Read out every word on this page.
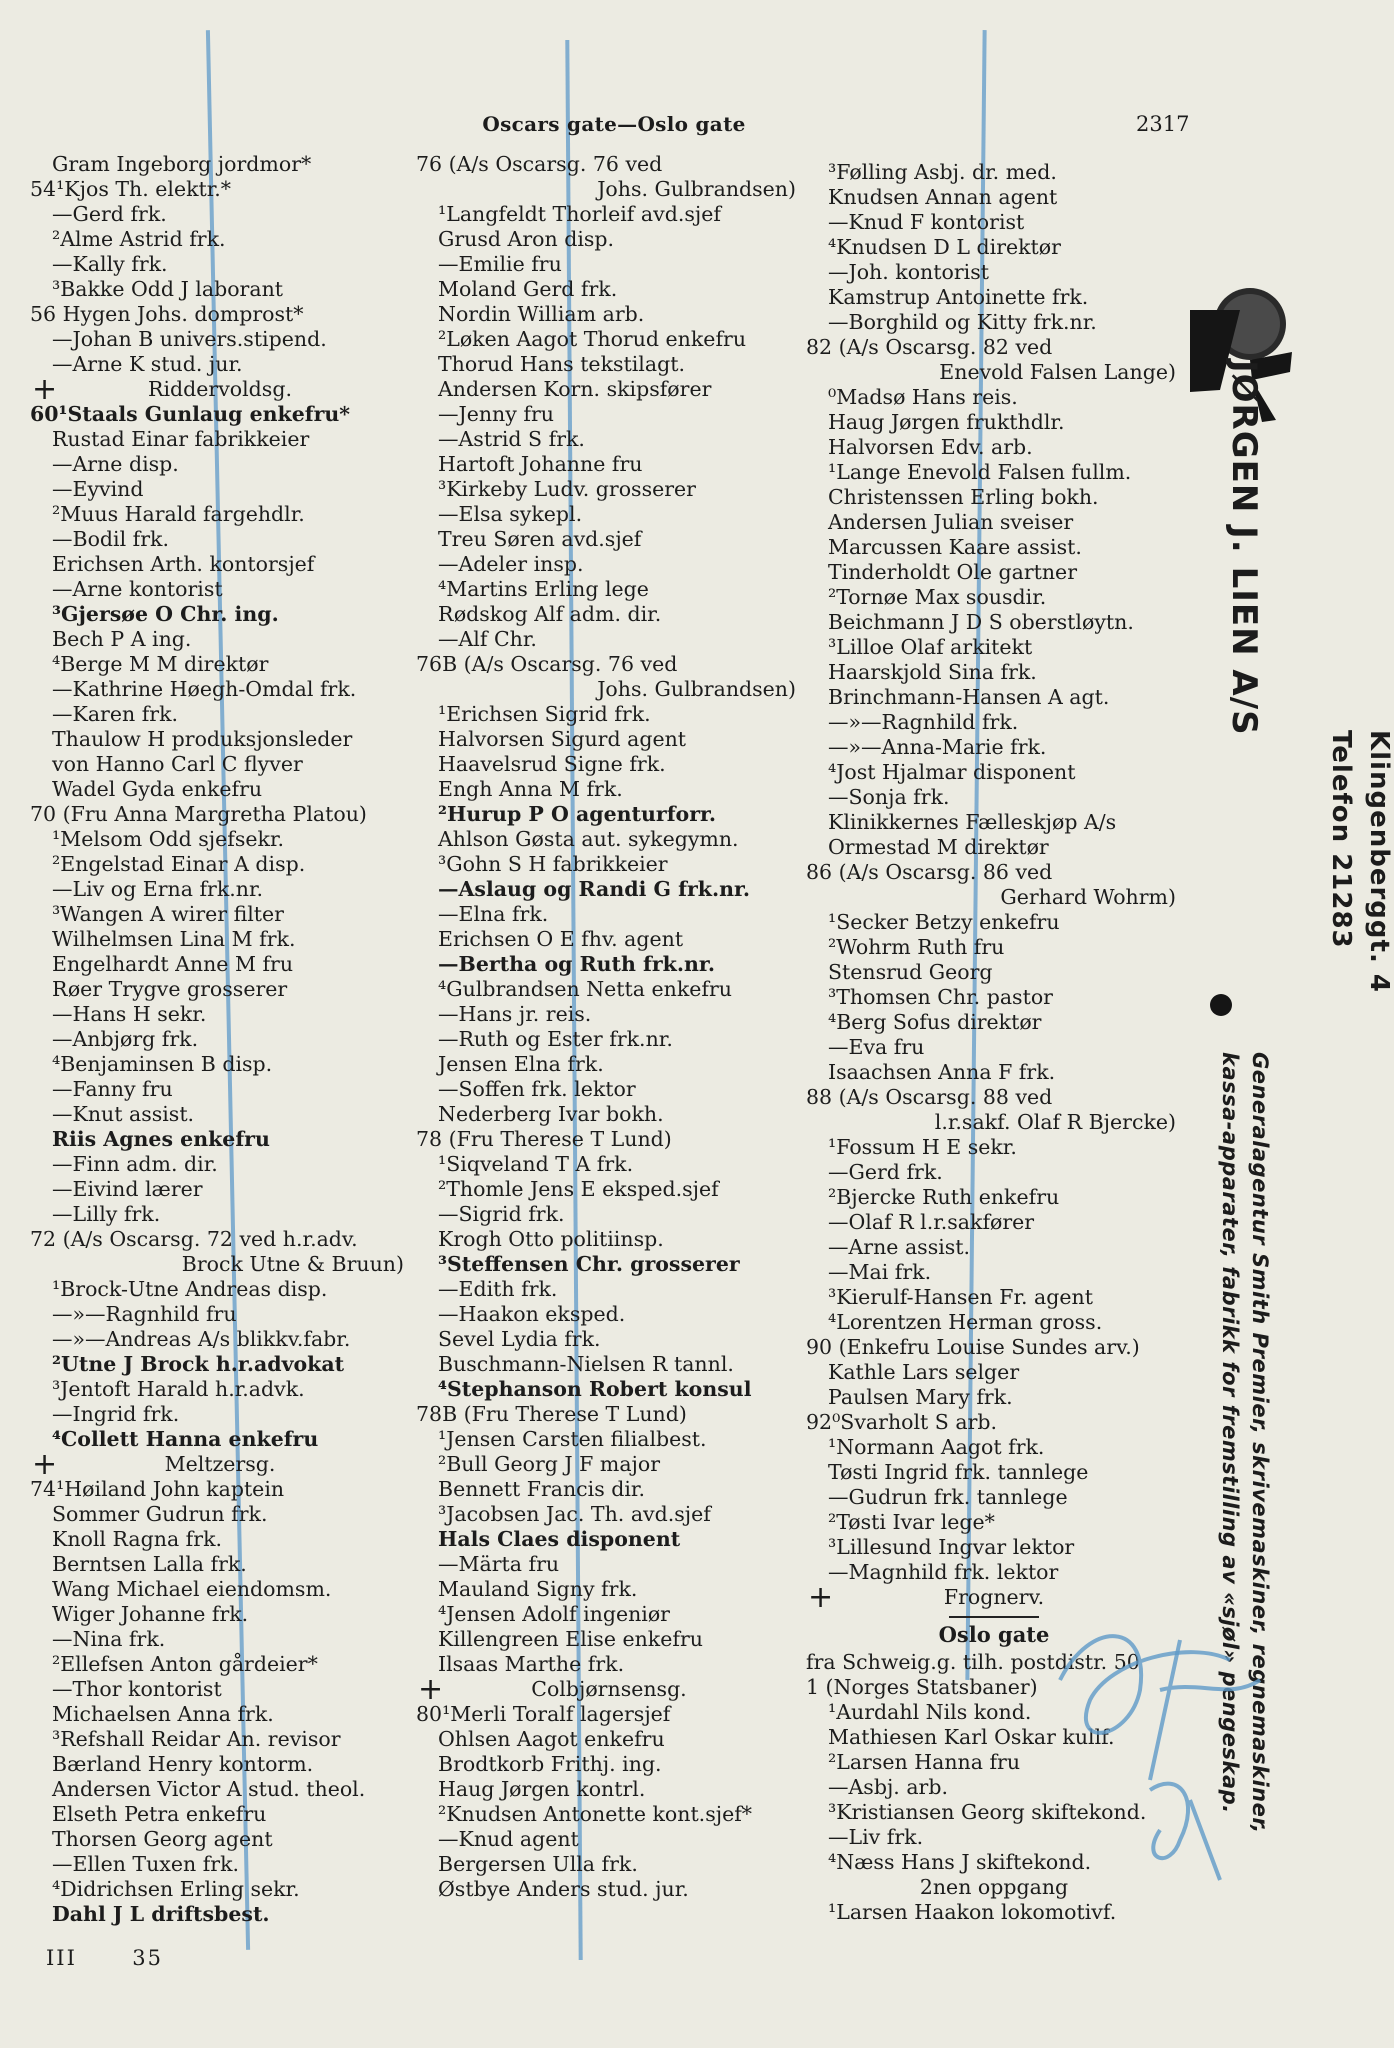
Oscars gate—Oslo gate	2317
Gram Ingeborg jordmor*
54¹Kjos Th. elektr.*
—Gerd frk.
²Alme Astrid frk.
—Kally frk.
³Bakke Odd J laborant
56 Hygen Johs. domprost*
—Johan B univers.stipend.
—Arne K stud. jur.
+	Riddervoldsg.
60¹Staals Gunlaug enkefru*
Rustad Einar fabrikkeier
—Arne disp.
—Eyvind
²Muus Harald fargehdlr.
—Bodil frk.
Erichsen Arth. kontorsjef
—Arne kontorist
³Gjersøe O Chr. ing.
Bech P A ing.
⁴Berge M M direktør
—Kathrine Høegh-Omdal frk.
—Karen frk.
Thaulow H produksjonsleder
von Hanno Carl C flyver
Wadel Gyda enkefru
70 (Fru Anna Margretha Platou)
¹Melsom Odd sjefsekr.
²Engelstad Einar A disp.
—Liv og Erna frk.nr.
³Wangen A wirer filter
Wilhelmsen Lina M frk.
Engelhardt Anne M fru
Røer Trygve grosserer
—Hans H sekr.
—Anbjørg frk.
⁴Benjaminsen B disp.
—Fanny fru
—Knut assist.
Riis Agnes enkefru
—Finn adm. dir.
—Eivind lærer
—Lilly frk.
72 (A/s Oscarsg. 72 ved h.r.adv.
Brock Utne & Bruun)
¹Brock-Utne Andreas disp.
—»—Ragnhild fru
—»—Andreas A/s blikkv.fabr.
²Utne J Brock h.r.advokat
³Jentoft Harald h.r.advk.
—Ingrid frk.
⁴Collett Hanna enkefru
+	Meltzersg.
74¹Høiland John kaptein
Sommer Gudrun frk.
Knoll Ragna frk.
Berntsen Lalla frk.
Wang Michael eiendomsm.
Wiger Johanne frk.
—Nina frk.
²Ellefsen Anton gårdeier*
—Thor kontorist
Michaelsen Anna frk.
³Refshall Reidar An. revisor
Bærland Henry kontorm.
Andersen Victor A stud. theol.
Elseth Petra enkefru
Thorsen Georg agent
—Ellen Tuxen frk.
⁴Didrichsen Erling sekr.
Dahl J L driftsbest.
76 (A/s Oscarsg. 76 ved
Johs. Gulbrandsen)
¹Langfeldt Thorleif avd.sjef
Grusd Aron disp.
—Emilie fru
Moland Gerd frk.
Nordin William arb.
²Løken Aagot Thorud enkefru
Thorud Hans tekstilagt.
Andersen Korn. skipsfører
—Jenny fru
—Astrid S frk.
Hartoft Johanne fru
³Kirkeby Ludv. grosserer
—Elsa sykepl.
Treu Søren avd.sjef
—Adeler insp.
⁴Martins Erling lege
Rødskog Alf adm. dir.
—Alf Chr.
76B (A/s Oscarsg. 76 ved
Johs. Gulbrandsen)
¹Erichsen Sigrid frk.
Halvorsen Sigurd agent
Haavelsrud Signe frk.
Engh Anna M frk.
²Hurup P O agenturforr.
Ahlson Gøsta aut. sykegymn.
³Gohn S H fabrikkeier
—Aslaug og Randi G frk.nr.
—Elna frk.
Erichsen O E fhv. agent
—Bertha og Ruth frk.nr.
⁴Gulbrandsen Netta enkefru
—Hans jr. reis.
—Ruth og Ester frk.nr.
Jensen Elna frk.
—Soffen frk. lektor
Nederberg Ivar bokh.
78 (Fru Therese T Lund)
¹Siqveland T A frk.
²Thomle Jens E eksped.sjef
—Sigrid frk.
Krogh Otto politiinsp.
³Steffensen Chr. grosserer
—Edith frk.
—Haakon eksped.
Sevel Lydia frk.
Buschmann-Nielsen R tannl.
⁴Stephanson Robert konsul
78B (Fru Therese T Lund)
¹Jensen Carsten filialbest.
²Bull Georg J F major
Bennett Francis dir.
³Jacobsen Jac. Th. avd.sjef
Hals Claes disponent
—Märta fru
Mauland Signy frk.
⁴Jensen Adolf ingeniør
Killengreen Elise enkefru
Ilsaas Marthe frk.
+	Colbjørnsensg.
80¹Merli Toralf lagersjef
Ohlsen Aagot enkefru
Brodtkorb Frithj. ing.
Haug Jørgen kontrl.
²Knudsen Antonette kont.sjef*
—Knud agent
Bergersen Ulla frk.
Østbye Anders stud. jur.
³Følling Asbj. dr. med.
Knudsen Annan agent
—Knud F kontorist
⁴Knudsen D L direktør
—Joh. kontorist
Kamstrup Antoinette frk.
—Borghild og Kitty frk.nr.
82 (A/s Oscarsg. 82 ved
Enevold Falsen Lange)
⁰Madsø Hans reis.
Haug Jørgen frukthdlr.
Halvorsen Edv. arb.
¹Lange Enevold Falsen fullm.
Christenssen Erling bokh.
Andersen Julian sveiser
Marcussen Kaare assist.
Tinderholdt Ole gartner
²Tornøe Max sousdir.
Beichmann J D S oberstløytn.
³Lilloe Olaf arkitekt
Haarskjold Sina frk.
Brinchmann-Hansen A agt.
—»—Ragnhild frk.
—»—Anna-Marie frk.
⁴Jost Hjalmar disponent
—Sonja frk.
Klinikkernes Fælleskjøp A/s
Ormestad M direktør
86 (A/s Oscarsg. 86 ved
Gerhard Wohrm)
¹Secker Betzy enkefru
²Wohrm Ruth fru
Stensrud Georg
³Thomsen Chr. pastor
⁴Berg Sofus direktør
—Eva fru
Isaachsen Anna F frk.
88 (A/s Oscarsg. 88 ved
l.r.sakf. Olaf R Bjercke)
¹Fossum H E sekr.
—Gerd frk.
²Bjercke Ruth enkefru
—Olaf R l.r.sakfører
—Arne assist.
—Mai frk.
³Kierulf-Hansen Fr. agent
⁴Lorentzen Herman gross.
90 (Enkefru Louise Sundes arv.)
Kathle Lars selger
Paulsen Mary frk.
92⁰Svarholt S arb.
¹Normann Aagot frk.
Tøsti Ingrid frk. tannlege
—Gudrun frk. tannlege
²Tøsti Ivar lege*
³Lillesund Ingvar lektor
—Magnhild frk. lektor
+	Frognerv.
Oslo gate
fra Schweig.g. tilh. postdistr. 50
1 (Norges Statsbaner)
¹Aurdahl Nils kond.
Mathiesen Karl Oskar kullf.
²Larsen Hanna fru
—Asbj. arb.
³Kristiansen Georg skiftekond.
—Liv frk.
⁴Næss Hans J skiftekond.
2nen oppgang
¹Larsen Haakon lokomotivf.
JØRGEN J. LIEN A/S
Klingenberggt. 4
Telefon 21283
Generalagentur Smith Premier, skrivemaskiner, regnemaskiner,
kassa-apparater, fabrikk for fremstilling av «sjøl» pengeskap.
III	35
